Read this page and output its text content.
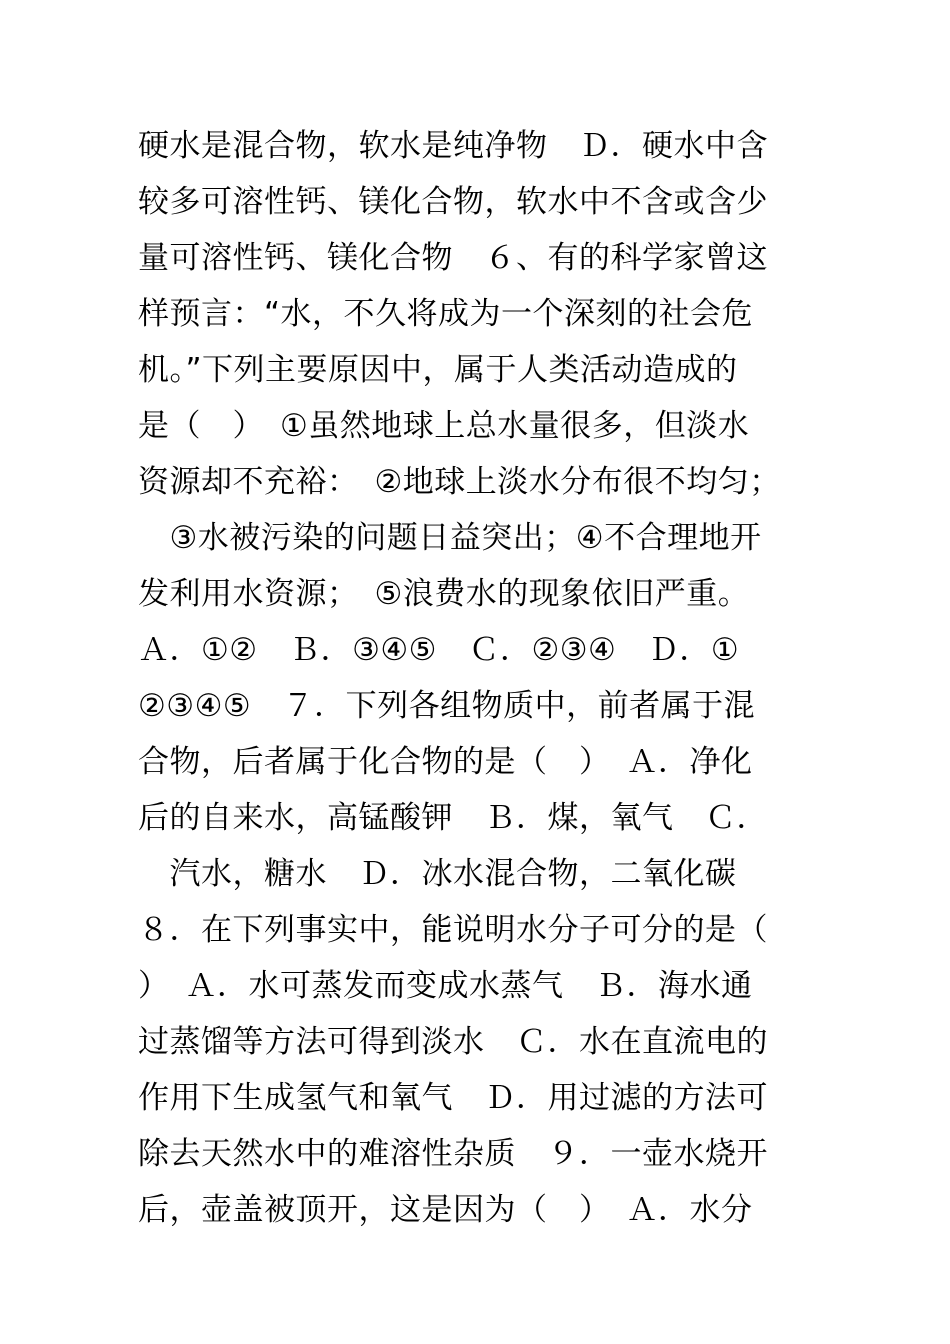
硬水是混合物，软水是纯净物　Ｄ．硬水中含
较多可溶性钙、镁化合物，软水中不含或含少
量可溶性钙、镁化合物　６、有的科学家曾这
样预言：“水，不久将成为一个深刻的社会危
机。”下列主要原因中，属于人类活动造成的
是（　）　①虽然地球上总水量很多，但淡水
资源却不充裕：　②地球上淡水分布很不均匀；
　③水被污染的问题日益突出；④不合理地开
发利用水资源；　⑤浪费水的现象依旧严重。
Ａ．①②　Ｂ．③④⑤　Ｃ．②③④　Ｄ．①
②③④⑤　７．下列各组物质中，前者属于混
合物，后者属于化合物的是（　）　Ａ．净化
后的自来水，高锰酸钾　Ｂ．煤，氧气　Ｃ．
　汽水，糖水　Ｄ．冰水混合物，二氧化碳
８．在下列事实中，能说明水分子可分的是（
）　Ａ．水可蒸发而变成水蒸气　Ｂ．海水通
过蒸馏等方法可得到淡水　Ｃ．水在直流电的
作用下生成氢气和氧气　Ｄ．用过滤的方法可
除去天然水中的难溶性杂质　９．一壶水烧开
后，壶盖被顶开，这是因为（　）　Ａ．水分
